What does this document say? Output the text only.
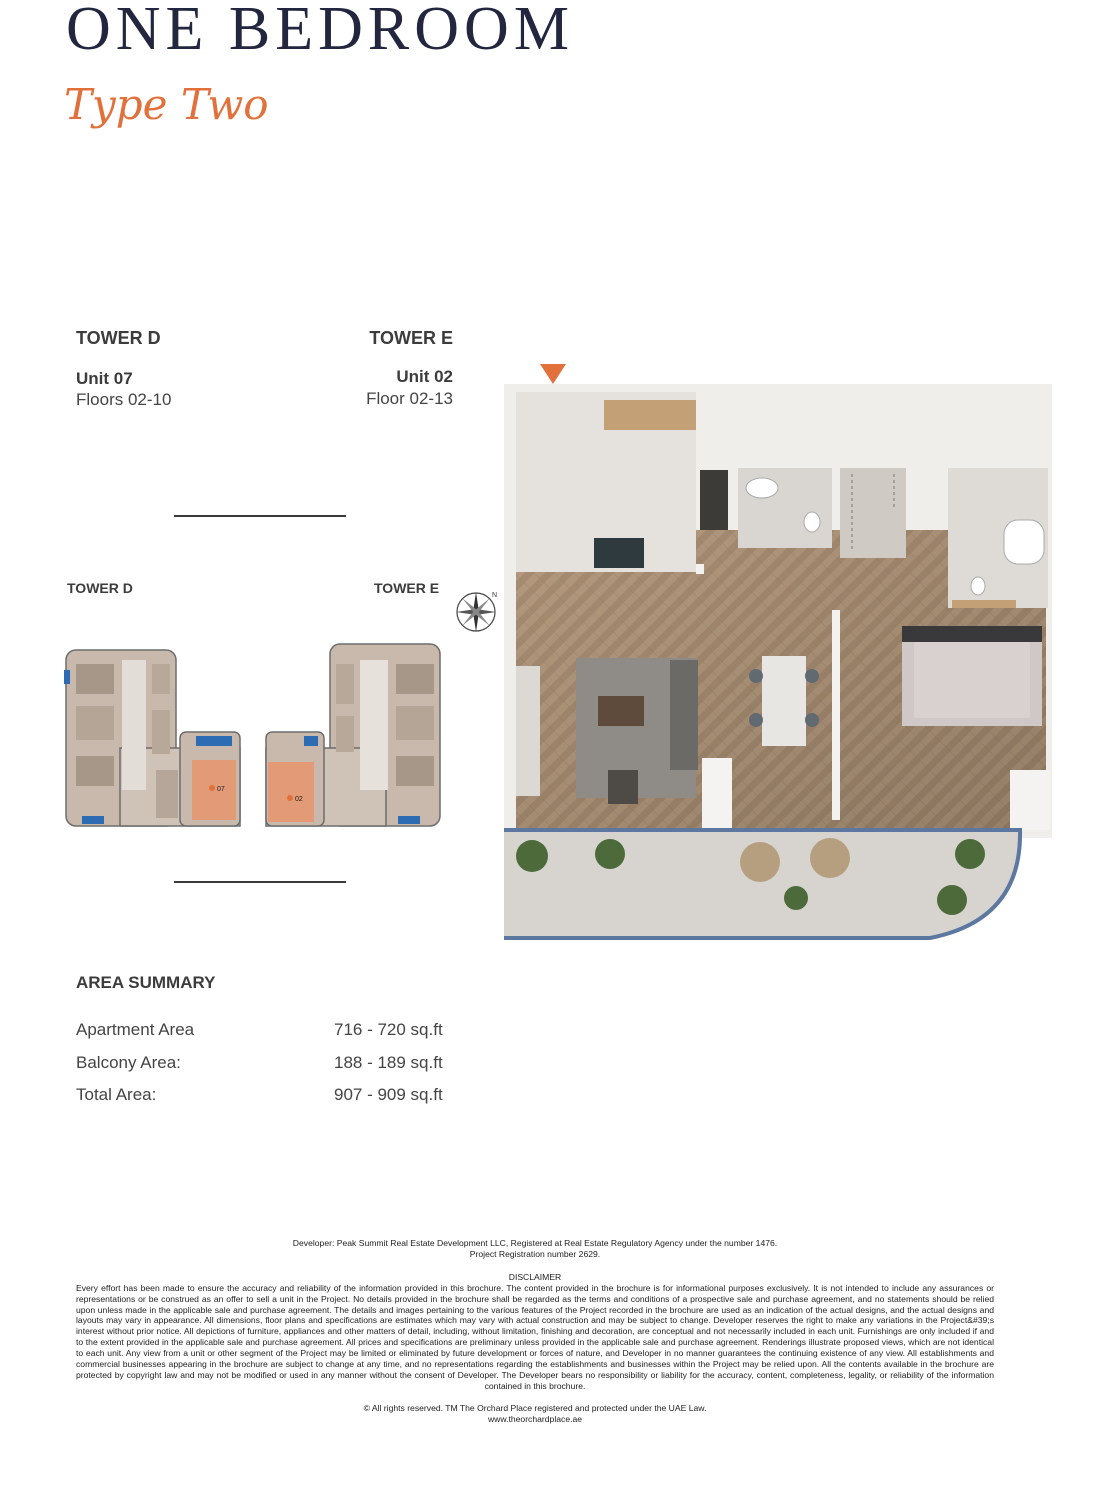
ONE BEDROOM
Type Two
TOWER D
Unit 07
Floors 02-10
TOWER E
Unit 02
Floor 02-13
TOWER D	TOWER E
07
02
N
AREA SUMMARY
Apartment Area	716 - 720 sq.ft
Balcony Area:	188 - 189 sq.ft
Total Area:	907 - 909 sq.ft
Developer: Peak Summit Real Estate Development LLC, Registered at Real Estate Regulatory Agency under the number 1476.
Project Registration number 2629.
DISCLAIMER
Every effort has been made to ensure the accuracy and reliability of the information provided in this brochure. The content provided in the brochure is for informational purposes exclusively. It is not intended to include any assurances or representations or be construed as an offer to sell a unit in the Project. No details provided in the brochure shall be regarded as the terms and conditions of a prospective sale and purchase agreement, and no statements should be relied upon unless made in the applicable sale and purchase agreement. The details and images pertaining to the various features of the Project recorded in the brochure are used as an indication of the actual designs, and the actual designs and layouts may vary in appearance. All dimensions, floor plans and specifications are estimates which may vary with actual construction and may be subject to change. Developer reserves the right to make any variations in the Project&#39;s interest without prior notice. All depictions of furniture, appliances and other matters of detail, including, without limitation, finishing and decoration, are conceptual and not necessarily included in each unit. Furnishings are only included if and to the extent provided in the applicable sale and purchase agreement. All prices and specifications are preliminary unless provided in the applicable sale and purchase agreement. Renderings illustrate proposed views, which are not identical to each unit. Any view from a unit or other segment of the Project may be limited or eliminated by future development or forces of nature, and Developer in no manner guarantees the continuing existence of any view. All establishments and commercial businesses appearing in the brochure are subject to change at any time, and no representations regarding the establishments and businesses within the Project may be relied upon. All the contents available in the brochure are protected by copyright law and may not be modified or used in any manner without the consent of Developer. The Developer bears no responsibility or liability for the accuracy, content, completeness, legality, or reliability of the information contained in this brochure.
© All rights reserved. TM The Orchard Place registered and protected under the UAE Law.
www.theorchardplace.ae
